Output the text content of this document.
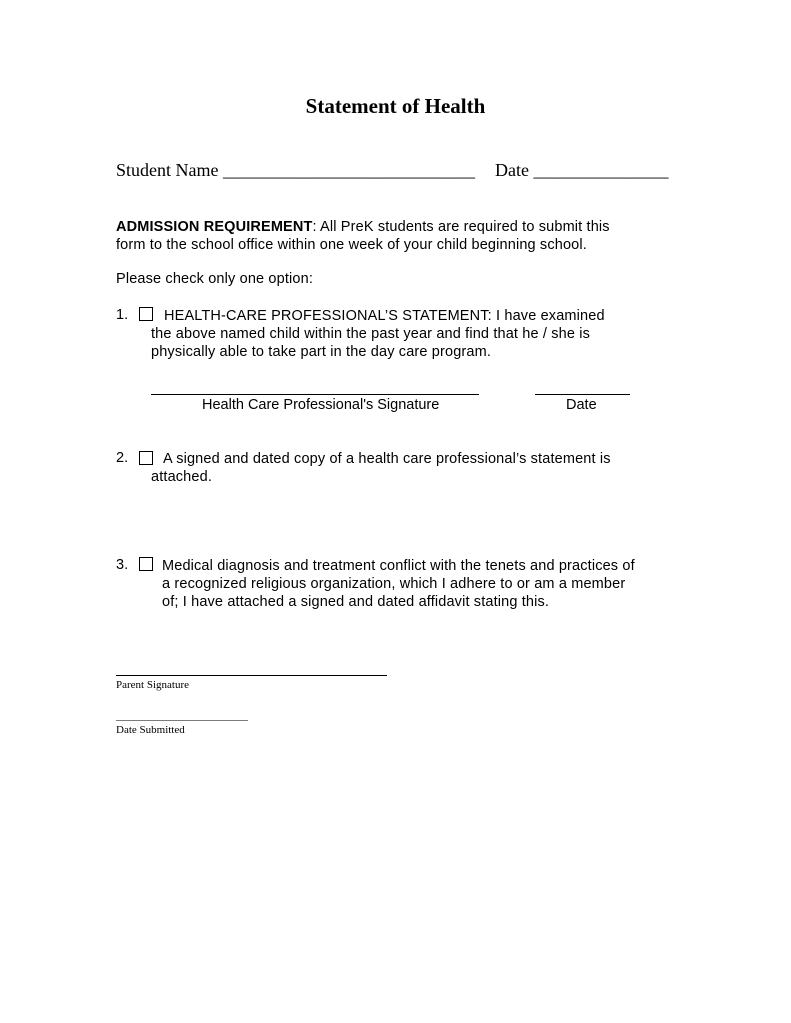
Statement of Health
Student Name ____________________________ Date _______________
ADMISSION REQUIREMENT: All PreK students are required to submit this
form to the school office within one week of your child beginning school.
Please check only one option:
1. HEALTH-CARE PROFESSIONAL’S STATEMENT: I have examined
the above named child within the past year and find that he / she is
physically able to take part in the day care program.
Health Care Professional's Signature	Date
2. A signed and dated copy of a health care professional’s statement is
attached.
3. Medical diagnosis and treatment conflict with the tenets and practices of
a recognized religious organization, which I adhere to or am a member
of; I have attached a signed and dated affidavit stating this.
Parent Signature
________________________
Date Submitted
